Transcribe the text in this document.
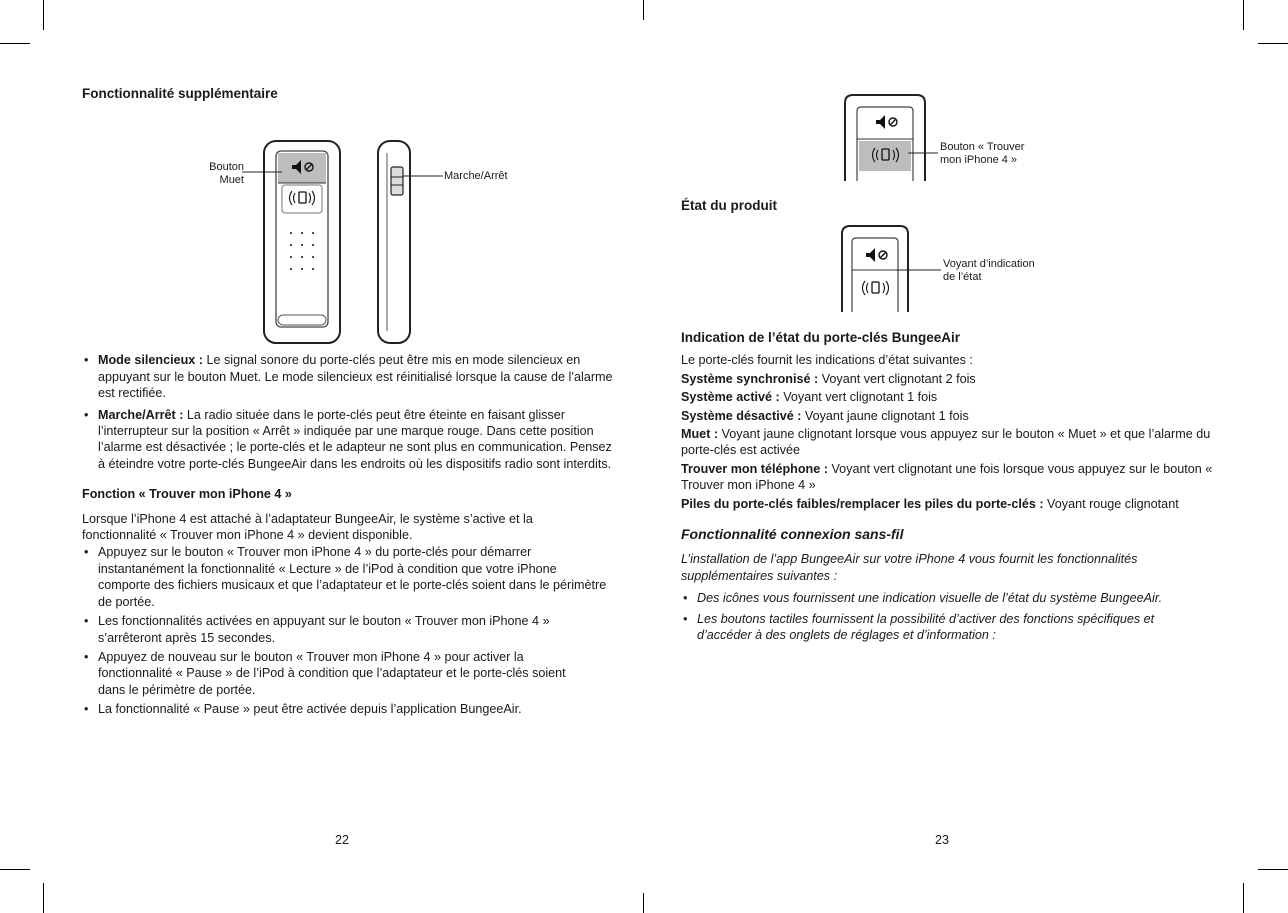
Fonctionnalité supplémentaire

Bouton
Muet	Marche/Arrêt
• Mode silencieux : Le signal sonore du porte-clés peut être mis en mode silencieux en appuyant sur le bouton Muet. Le mode silencieux est réinitialisé lorsque la cause de l’alarme est rectifiée.
• Marche/Arrêt : La radio située dans le porte-clés peut être éteinte en faisant glisser l’interrupteur sur la position « Arrêt » indiquée par une marque rouge. Dans cette position l’alarme est désactivée ; le porte-clés et le adapteur ne sont plus en communication. Pensez à éteindre votre porte-clés BungeeAir dans les endroits où les dispositifs radio sont interdits.

Fonction « Trouver mon iPhone 4 »

Lorsque l’iPhone 4 est attaché à l’adaptateur BungeeAir, le système s’active et la fonctionnalité « Trouver mon iPhone 4 » devient disponible.

• Appuyez sur le bouton « Trouver mon iPhone 4 » du porte-clés pour démarrer instantanément la fonctionnalité « Lecture » de l’iPod à condition que votre iPhone comporte des fichiers musicaux et que l’adaptateur et le porte-clés soient dans le périmètre de portée.
• Les fonctionnalités activées en appuyant sur le bouton « Trouver mon iPhone 4 » s’arrêteront après 15 secondes.
• Appuyez de nouveau sur le bouton « Trouver mon iPhone 4 » pour activer la fonctionnalité « Pause » de l’iPod à condition que l’adaptateur et le porte-clés soient dans le périmètre de portée.
• La fonctionnalité « Pause » peut être activée depuis l’application BungeeAir.
22
Bouton « Trouver
mon iPhone 4 »

État du produit

Voyant d’indication
de l’état

Indication de l’état du porte-clés BungeeAir

Le porte-clés fournit les indications d’état suivantes :

Système synchronisé : Voyant vert clignotant 2 fois

Système activé : Voyant vert clignotant 1 fois

Système désactivé : Voyant jaune clignotant 1 fois

Muet : Voyant jaune clignotant lorsque vous appuyez sur le bouton « Muet » et que l’alarme du porte-clés est activée

Trouver mon téléphone : Voyant vert clignotant une fois lorsque vous appuyez sur le bouton « Trouver mon iPhone 4 »

Piles du porte-clés faibles/remplacer les piles du porte-clés : Voyant rouge clignotant

Fonctionnalité connexion sans-fil

L’installation de l’app BungeeAir sur votre iPhone 4 vous fournit les fonctionnalités supplémentaires suivantes :

• Des icônes vous fournissent une indication visuelle de l’état du système BungeeAir.
• Les boutons tactiles fournissent la possibilité d’activer des fonctions spécifiques et d’accéder à des onglets de réglages et d’information :
23
